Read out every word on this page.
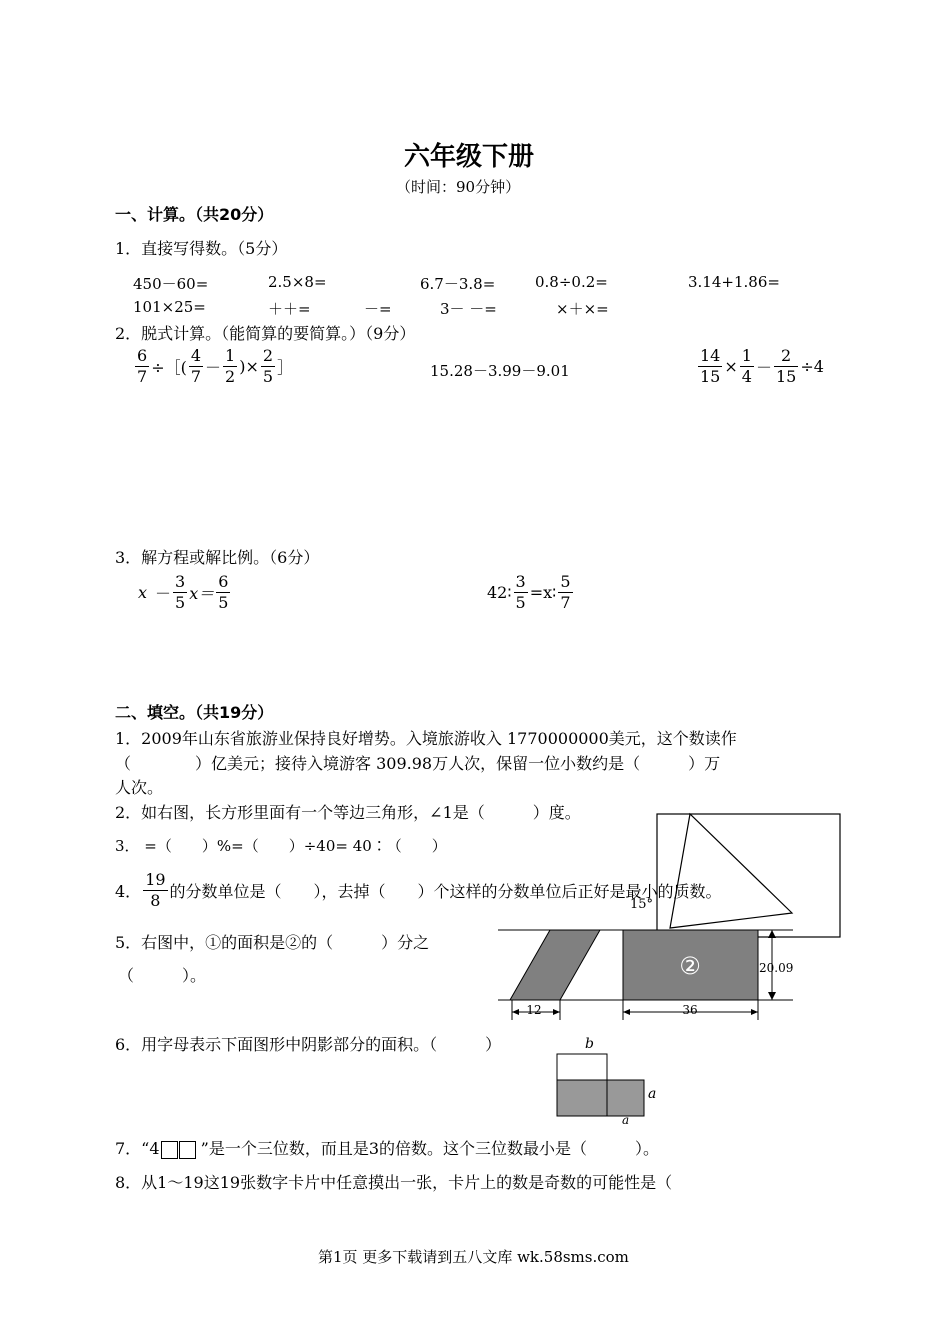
六年级下册
（时间：90分钟）
一、计算。（共20分）
1．直接写得数。（5分）
450－60=	2.5×8=	6.7－3.8=	0.8÷0.2=	3.14+1.86=
101×25=	＋＋=	－=	3－ －=	×＋×=
2．脱式计算。（能简算的要简算。）（9分）
$\frac{6}{7}$ ÷［( $\frac{4}{7} - \frac{1}{2}$ )× $\frac{2}{5}$ ］	15.28－3.99－9.01	$\frac{14}{15} \times \frac{1}{4} - \frac{2}{15} \div 4$
3．解方程或解比例。（6分）
$x - \frac{3}{5} x= \frac{6}{5}$	42∶ $\frac{3}{5}$ =x∶ $\frac{5}{7}$
二、填空。（共19分）
1．2009年山东省旅游业保持良好增势。入境旅游收入 1770000000美元，这个数读作
（　　　　）亿美元；接待入境游客 309.98万人次，保留一位小数约是（　　　）万
人次。
2．如右图，长方形里面有一个等边三角形，∠1是（　　　）度。
3． =（　　）%=（　　）÷40= 40∶（　　）
4． $\frac{19}{8}$ 的分数单位是（　　），去掉（　　）个这样的分数单位后正好是最小的质数。
5．右图中，①的面积是②的（　　　）分之
（　　　）。
6．用字母表示下面图形中阴影部分的面积。（　　　）
7．“4	”是一个三位数，而且是3的倍数。这个三位数最小是（　　　）。
8．从1～19这19张数字卡片中任意摸出一张，卡片上的数是奇数的可能性是（
15°
②	20.09
12	36
b
a
a
第1页 更多下载请到五八文库 wk.58sms.com
